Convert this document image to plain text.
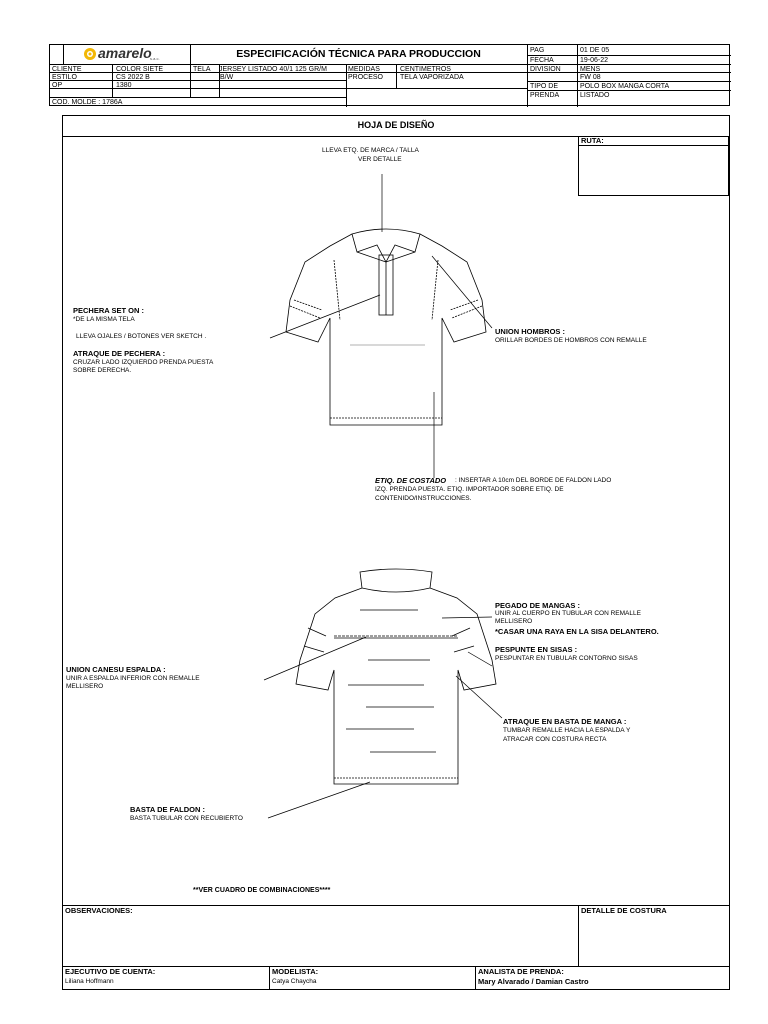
amarelo
s.a.c.	ESPECIFICACIÓN TÉCNICA PARA PRODUCCION
CLIENTE	COLOR SIETE
ESTILO	CS 2022 B
OP	1380
COD. MOLDE : 1786A
TELA JERSEY LISTADO 40/1 125 GR/M
B/W
MEDIDAS	CENTIMETROS
PROCESO TELA VAPORIZADA
PAG	01 DE 05
FECHA	19-06-22
DIVISION	MENS
FW 08
TIPO DE	POLO BOX MANGA CORTA
PRENDA	LISTADO
HOJA DE DISEÑO
RUTA:
OBSERVACIONES:	DETALLE DE COSTURA
EJECUTIVO DE CUENTA:
Liliana Hoffmann
MODELISTA:
Catya Chaycha
ANALISTA DE PRENDA:
Mary Alvarado / Damian Castro
**VER CUADRO DE COMBINACIONES****
LLEVA ETQ. DE MARCA / TALLA
VER DETALLE
PECHERA SET ON :
*DE LA MISMA TELA
LLEVA OJALES / BOTONES VER SKETCH .
ATRAQUE DE PECHERA :
CRUZAR LADO IZQUIERDO PRENDA PUESTA
SOBRE DERECHA.
UNION HOMBROS :
ORILLAR BORDES DE HOMBROS CON REMALLE
ETIQ. DE COSTADO : INSERTAR A 10cm DEL BORDE DE FALDON LADO
IZQ. PRENDA PUESTA. ETIQ. IMPORTADOR SOBRE ETIQ. DE
CONTENIDO/INSTRUCCIONES.
PEGADO DE MANGAS :
UNIR AL CUERPO EN TUBULAR CON REMALLE
MELLISERO
*CASAR UNA RAYA EN LA SISA DELANTERO.
PESPUNTE EN SISAS :
PESPUNTAR EN TUBULAR CONTORNO SISAS
UNION CANESU ESPALDA :
UNIR A ESPALDA INFERIOR CON REMALLE
MELLISERO
ATRAQUE EN BASTA DE MANGA :
TUMBAR REMALLE HACIA LA ESPALDA Y
ATRACAR CON COSTURA RECTA
BASTA DE FALDON :
BASTA TUBULAR CON RECUBIERTO
